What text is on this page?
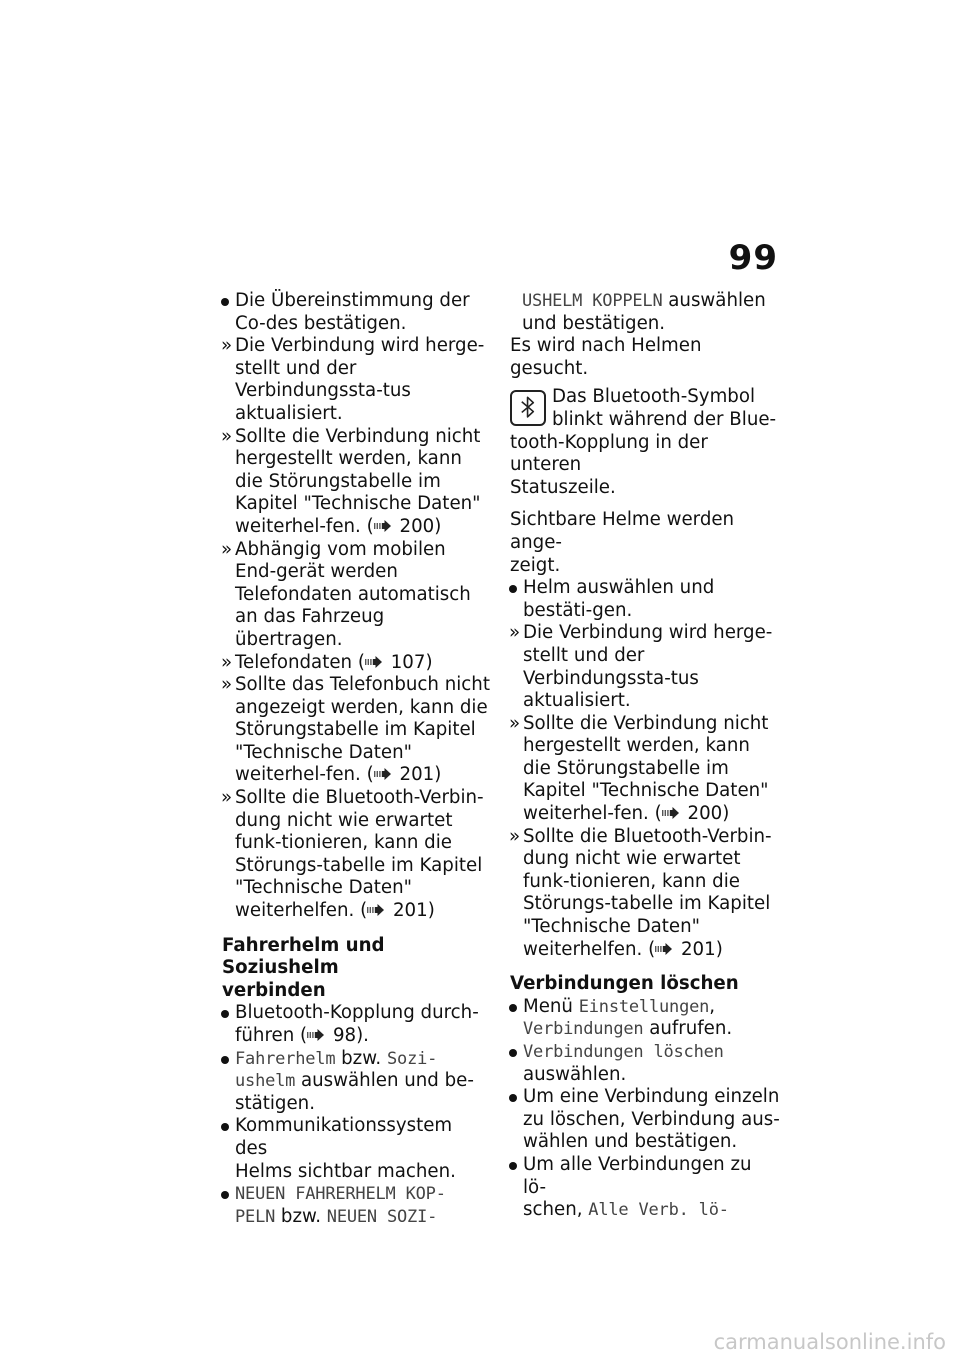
99
Die Übereinstimmung der Co-des bestätigen.
» Die Verbindung wird herge-stellt und der Verbindungssta-tus aktualisiert.
» Sollte die Verbindung nicht hergestellt werden, kann die Störungstabelle im Kapitel "Technische Daten" weiterhel-fen. ( 200)
» Abhängig vom mobilen End-gerät werden Telefondaten automatisch an das Fahrzeug übertragen.
» Telefondaten ( 107)
» Sollte das Telefonbuch nicht angezeigt werden, kann die Störungstabelle im Kapitel "Technische Daten" weiterhel-fen. ( 201)
» Sollte die Bluetooth-Verbin-dung nicht wie erwartet funk-tionieren, kann die Störungs-tabelle im Kapitel "Technische Daten" weiterhelfen. ( 201)
Fahrerhelm und Soziushelm
verbinden
Bluetooth-Kopplung durch-führen ( 98).
Fahrerhelm bzw. Sozi-
ushelm auswählen und be-
stätigen.
Kommunikationssystem des
Helms sichtbar machen.
NEUEN FAHRERHELM KOP-
PELN bzw. NEUEN SOZI-
USHELM KOPPELN auswählen
und bestätigen.
Es wird nach Helmen gesucht.
Das Bluetooth-Symbol
blinkt während der Blue-
tooth-Kopplung in der unteren
Statuszeile.
Sichtbare Helme werden ange-
zeigt.
Helm auswählen und bestäti-gen.
» Die Verbindung wird herge-stellt und der Verbindungssta-tus aktualisiert.
» Sollte die Verbindung nicht hergestellt werden, kann die Störungstabelle im Kapitel "Technische Daten" weiterhel-fen. ( 200)
» Sollte die Bluetooth-Verbin-dung nicht wie erwartet funk-tionieren, kann die Störungs-tabelle im Kapitel "Technische Daten" weiterhelfen. ( 201)
Verbindungen löschen
Menü Einstellungen,
Verbindungen aufrufen.
Verbindungen löschen
auswählen.
Um eine Verbindung einzeln
zu löschen, Verbindung aus-
wählen und bestätigen.
Um alle Verbindungen zu lö-
schen, Alle Verb. lö-
carmanualsonline.info
